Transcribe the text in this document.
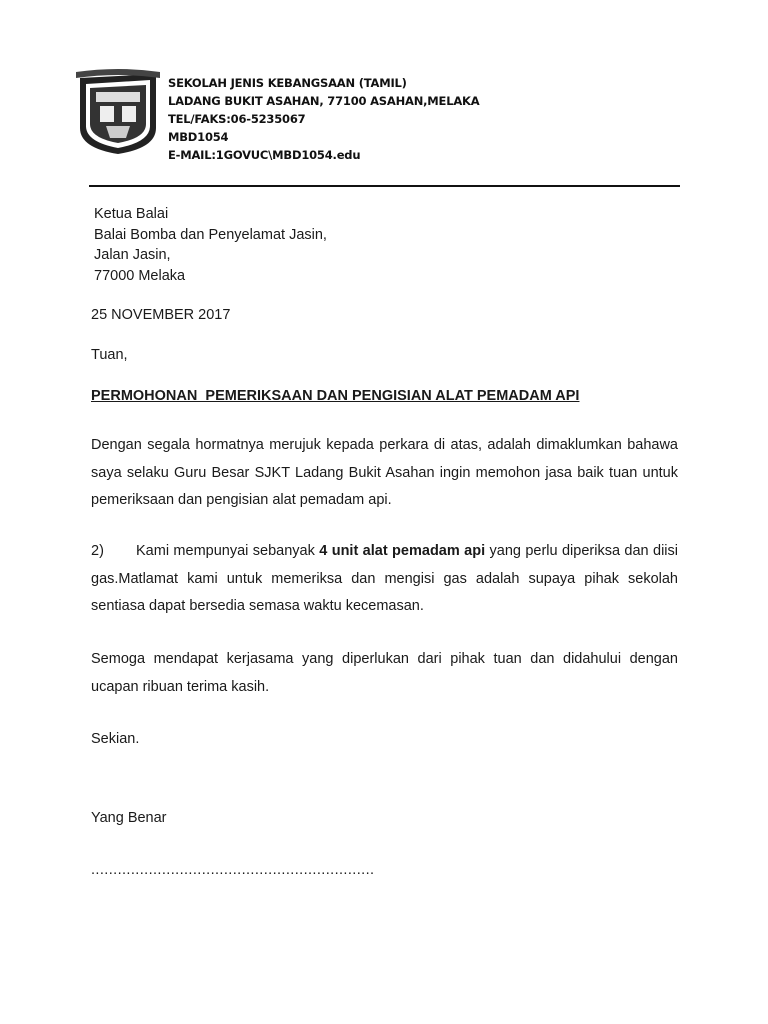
SEKOLAH JENIS KEBANGSAAN (TAMIL)
LADANG BUKIT ASAHAN, 77100 ASAHAN,MELAKA
TEL/FAKS:06-5235067
MBD1054
E-MAIL:1GOVUC\MBD1054.edu
Ketua Balai
Balai Bomba dan Penyelamat Jasin,
Jalan Jasin,
77000 Melaka
25 NOVEMBER 2017
Tuan,
PERMOHONAN  PEMERIKSAAN DAN PENGISIAN ALAT PEMADAM API

Dengan segala hormatnya merujuk kepada perkara di atas, adalah dimaklumkan bahawa saya selaku Guru Besar SJKT Ladang Bukit Asahan ingin memohon jasa baik tuan untuk pemeriksaan dan pengisian alat pemadam api.

2) Kami mempunyai sebanyak 4 unit alat pemadam api yang perlu diperiksa dan diisi gas.Matlamat kami untuk memeriksa dan mengisi gas adalah supaya pihak sekolah sentiasa dapat bersedia semasa waktu kecemasan.

Semoga mendapat kerjasama yang diperlukan dari pihak tuan dan didahului dengan ucapan ribuan terima kasih.

Sekian.
Yang Benar
................................................................
